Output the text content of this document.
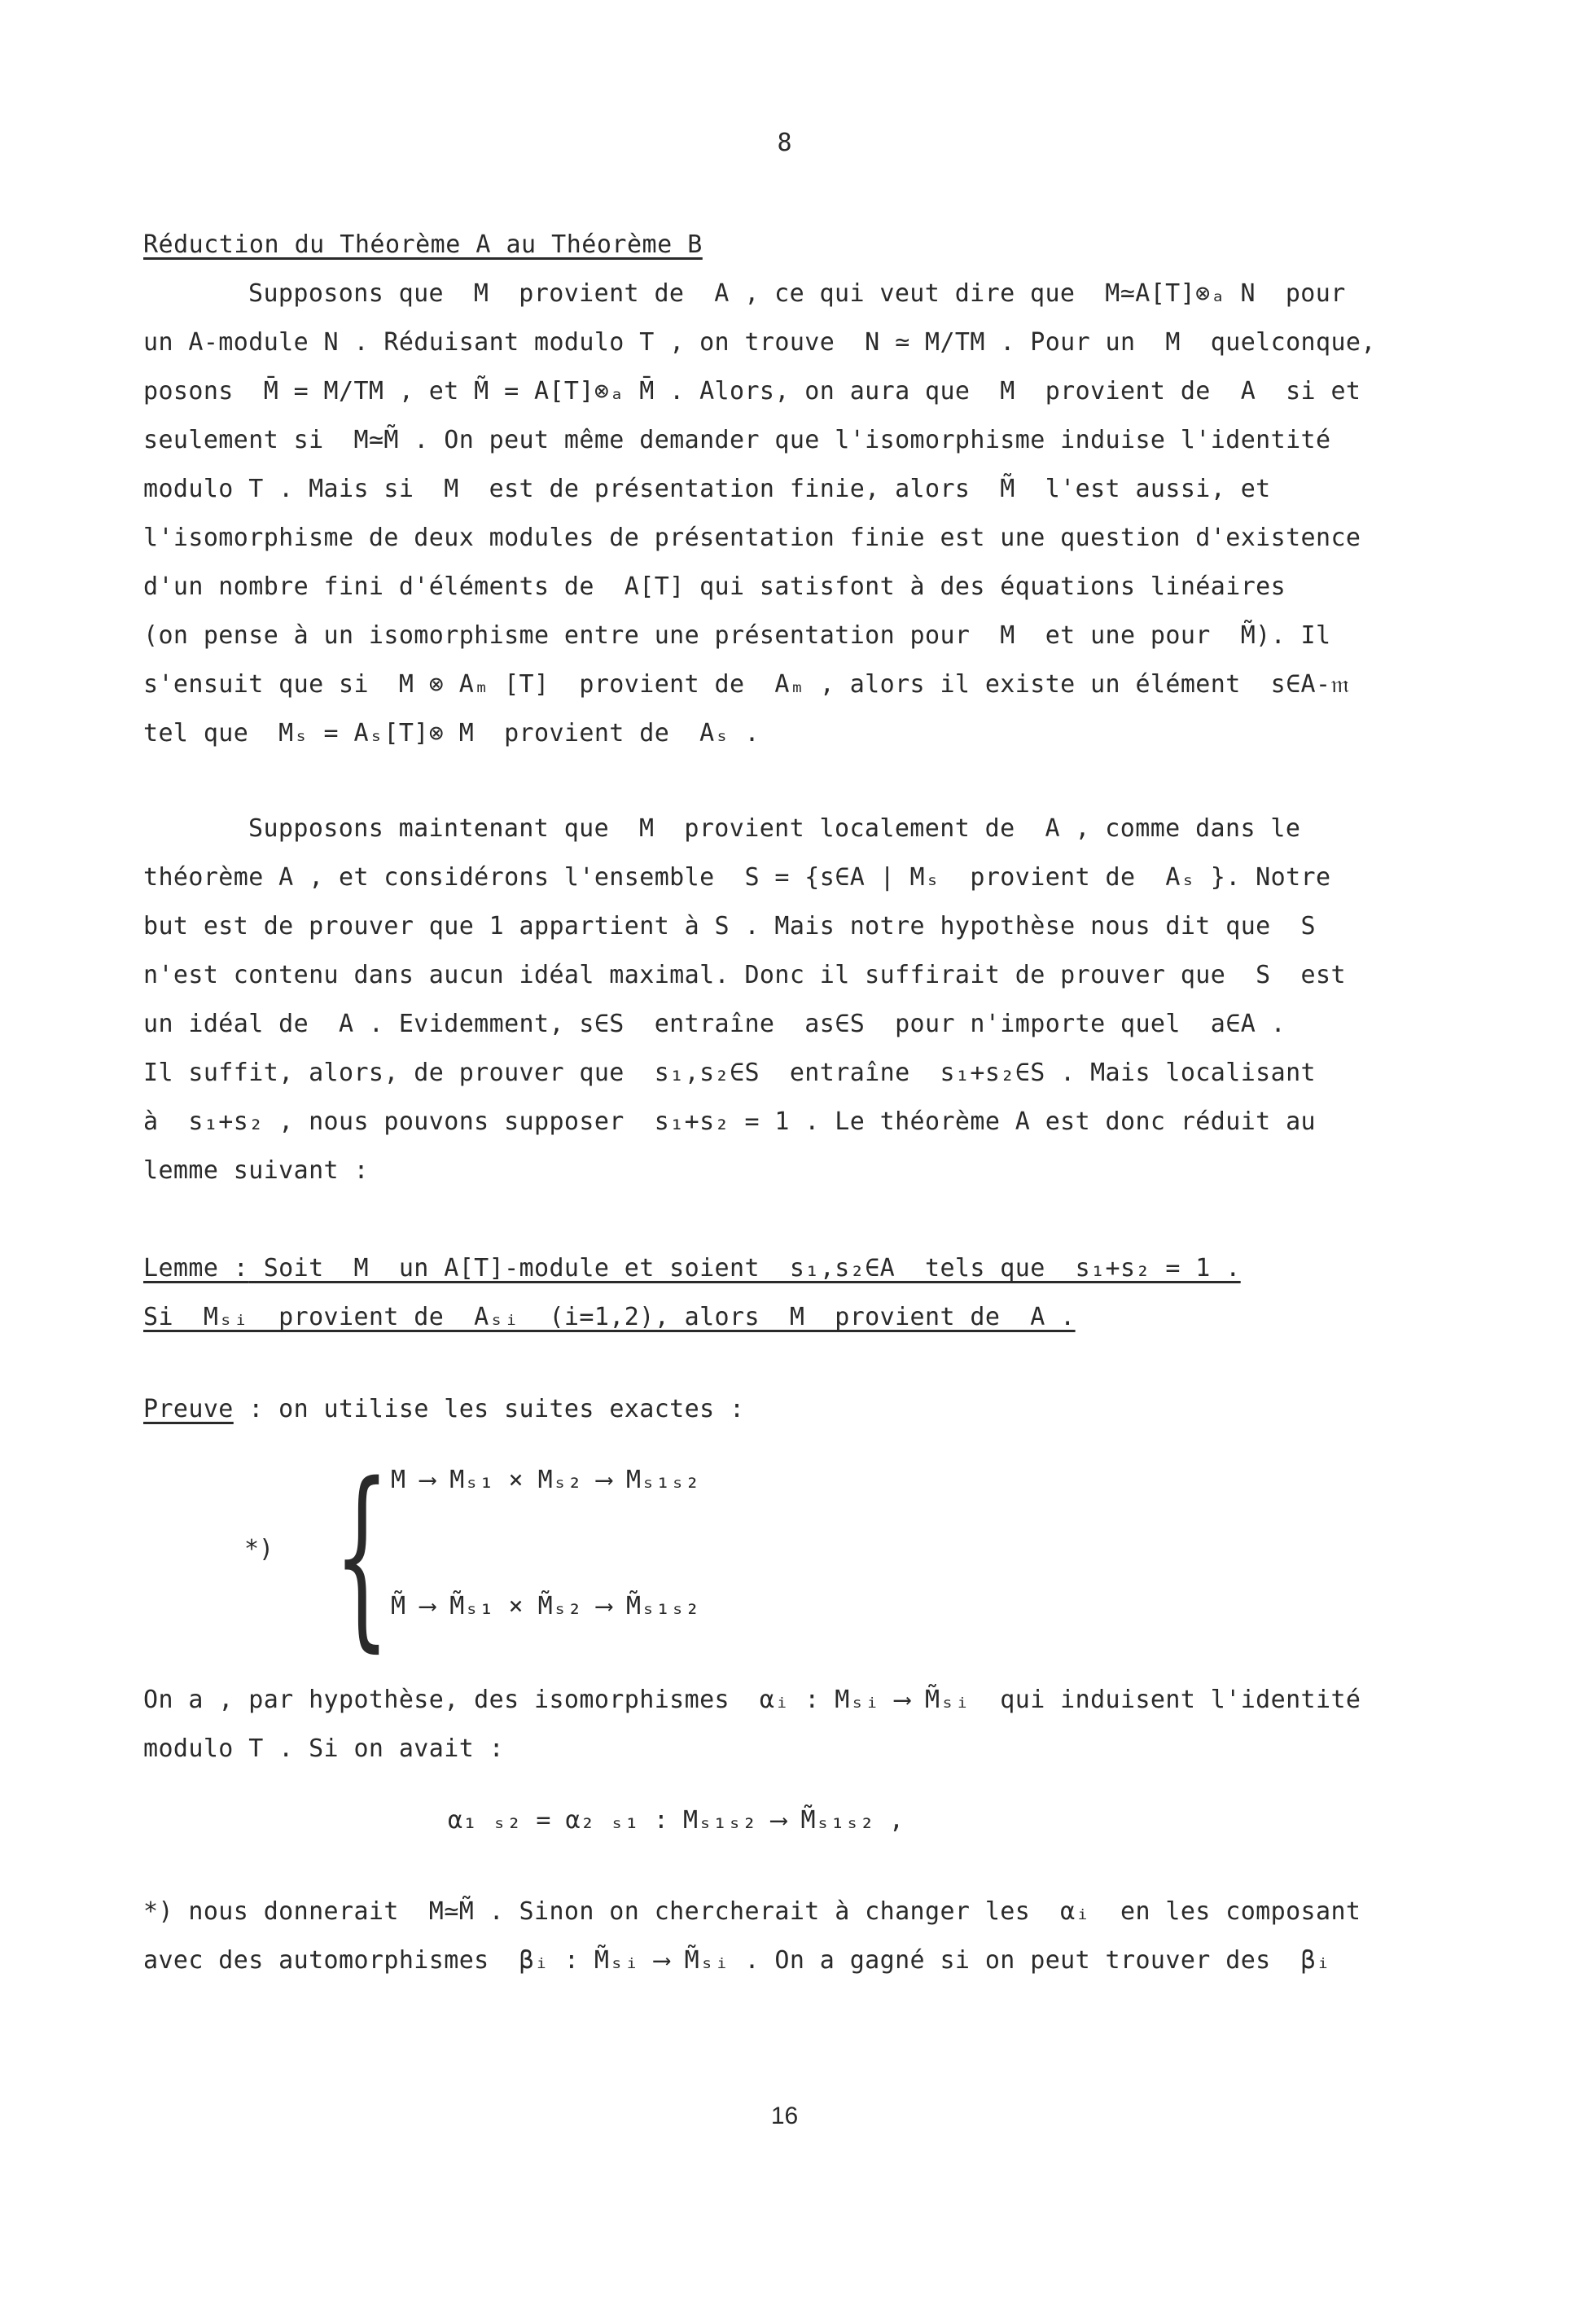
8
Réduction du Théorème A au Théorème B
Supposons que  M  provient de  A , ce qui veut dire que  M≃A[T]⊗ₐ N  pour
un A-module N . Réduisant modulo T , on trouve  N ≃ M/TM . Pour un  M  quelconque,
posons  M̄ = M/TM , et M̃ = A[T]⊗ₐ M̄ . Alors, on aura que  M  provient de  A  si et
seulement si  M≃M̃ . On peut même demander que l'isomorphisme induise l'identité
modulo T . Mais si  M  est de présentation finie, alors  M̃  l'est aussi, et
l'isomorphisme de deux modules de présentation finie est une question d'existence
d'un nombre fini d'éléments de  A[T] qui satisfont à des équations linéaires
(on pense à un isomorphisme entre une présentation pour  M  et une pour  M̃). Il
s'ensuit que si  M ⊗ Aₘ [T]  provient de  Aₘ , alors il existe un élément  s∈A-𝔪
tel que  Mₛ = Aₛ[T]⊗ M  provient de  Aₛ .
Supposons maintenant que  M  provient localement de  A , comme dans le
théorème A , et considérons l'ensemble  S = {s∈A | Mₛ  provient de  Aₛ }. Notre
but est de prouver que 1 appartient à S . Mais notre hypothèse nous dit que  S
n'est contenu dans aucun idéal maximal. Donc il suffirait de prouver que  S  est
un idéal de  A . Evidemment, s∈S  entraîne  as∈S  pour n'importe quel  a∈A .
Il suffit, alors, de prouver que  s₁,s₂∈S  entraîne  s₁+s₂∈S . Mais localisant
à  s₁+s₂ , nous pouvons supposer  s₁+s₂ = 1 . Le théorème A est donc réduit au
lemme suivant :
Lemme : Soit  M  un A[T]-module et soient  s₁,s₂∈A  tels que  s₁+s₂ = 1 .
Si  Mₛᵢ  provient de  Aₛᵢ  (i=1,2), alors  M  provient de  A .
Preuve : on utilise les suites exactes :
*) { M ⟶ Mₛ₁ × Mₛ₂ ⟶ Mₛ₁ₛ₂
M̃ ⟶ M̃ₛ₁ × M̃ₛ₂ ⟶ M̃ₛ₁ₛ₂
On a , par hypothèse, des isomorphismes  αᵢ : Mₛᵢ ⟶ M̃ₛᵢ  qui induisent l'identité
modulo T . Si on avait :
α₁ ₛ₂ = α₂ ₛ₁ : Mₛ₁ₛ₂ ⟶ M̃ₛ₁ₛ₂ ,
*) nous donnerait  M≃M̃ . Sinon on chercherait à changer les  αᵢ  en les composant
avec des automorphismes  βᵢ : M̃ₛᵢ ⟶ M̃ₛᵢ . On a gagné si on peut trouver des  βᵢ
16
